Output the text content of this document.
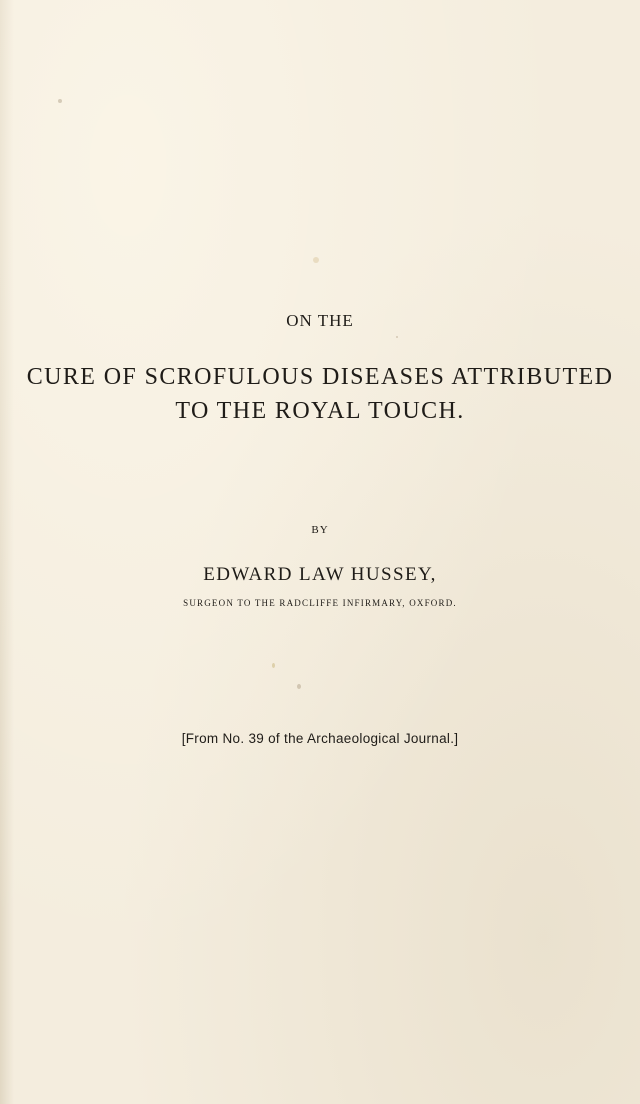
ON THE
CURE OF SCROFULOUS DISEASES ATTRIBUTED
TO THE ROYAL TOUCH.
BY
EDWARD LAW HUSSEY,
SURGEON TO THE RADCLIFFE INFIRMARY, OXFORD.
[From No. 39 of the Archaeological Journal.]
